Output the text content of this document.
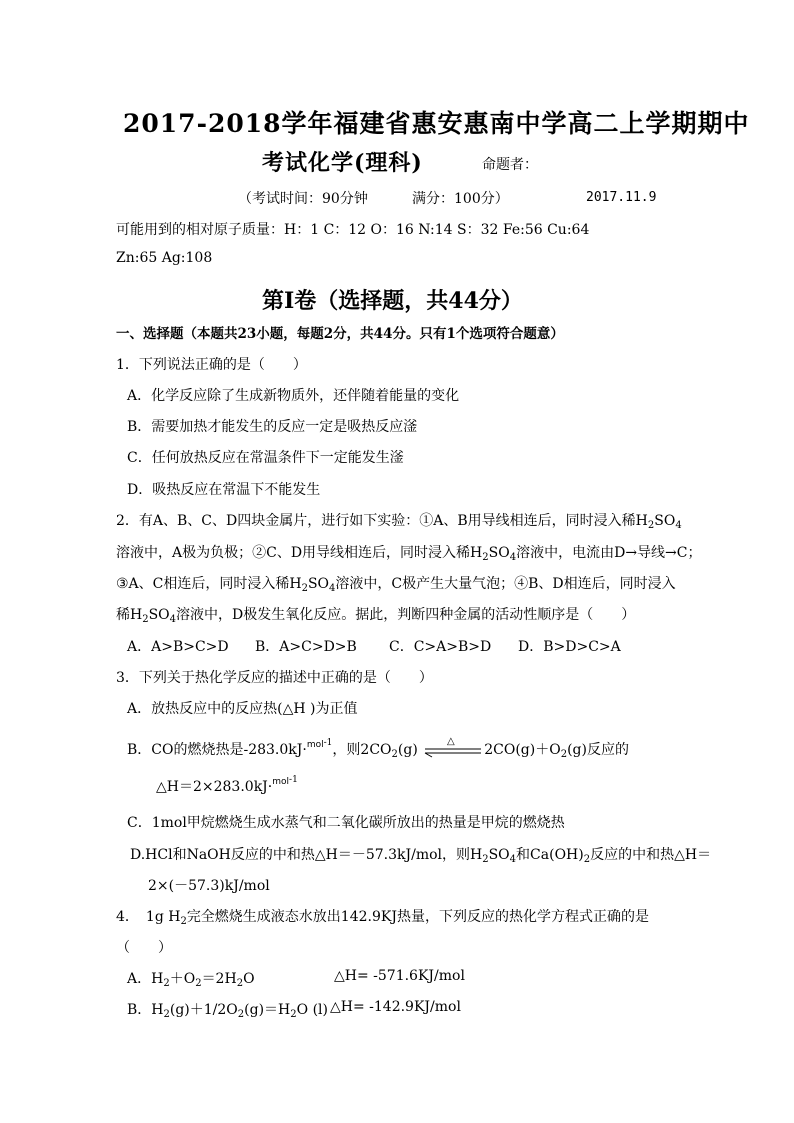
2017-2018学年福建省惠安惠南中学高二上学期期中
考试化学(理科)	命题者：
（考试时间：90分钟	满分：100分）	2017.11.9
可能用到的相对原子质量：H：1 C：12 O：16 N:14 S：32 Fe:56 Cu:64
Zn:65 Ag:108
第Ⅰ卷（选择题，共44分）
一、选择题（本题共23小题，每题2分，共44分。只有1个选项符合题意）
1．下列说法正确的是（　　）
A．化学反应除了生成新物质外，还伴随着能量的变化
B．需要加热才能发生的反应一定是吸热反应滏
C．任何放热反应在常温条件下一定能发生滏
D．吸热反应在常温下不能发生
2．有A、B、C、D四块金属片，进行如下实验：①A、B用导线相连后，同时浸入稀$H_2SO_4$
溶液中，A极为负极；②C、D用导线相连后，同时浸入稀$H_2SO_4$溶液中，电流由D→导线→C；
③A、C相连后，同时浸入稀$H_2SO_4$溶液中，C极产生大量气泡；④B、D相连后，同时浸入
稀$H_2SO_4$溶液中，D极发生氧化反应。据此，判断四种金属的活动性顺序是（　　）
A．A>B>C>D B．A>C>D>B C．C>A>B>D D．B>D>C>A
3．下列关于热化学反应的描述中正确的是（　　）
A．放热反应中的反应热(△H )为正值
B．CO的燃烧热是-283.0kJ·$^{mol-1}$，则$2CO_2(g)$
△
$2CO(g)+O_2(g)$反应的
△H＝2×283.0kJ·$^{mol-1}$
C．1mol甲烷燃烧生成水蒸气和二氧化碳所放出的热量是甲烷的燃烧热
D.HCl和NaOH反应的中和热△H＝－57.3kJ/mol，则$H_2SO_4$和$Ca(OH)_2$反应的中和热△H＝
2×(－57.3)kJ/mol
4．　1g $H_2$完全燃烧生成液态水放出142.9KJ热量，下列反应的热化学方程式正确的是
（　　）
A．$H_2+O_2=2H_2O$	△H= -571.6KJ/mol
B．$H_2(g)+1/2O_2(g)=H_2O$ (l) △H= -142.9KJ/mol
